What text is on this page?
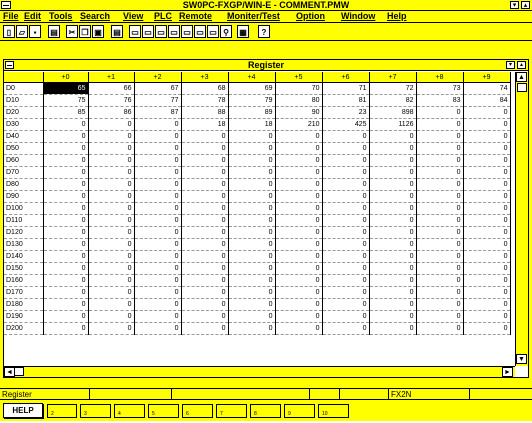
SW0PC-FXGP/WIN-E - COMMENT.PMW	▾	▴
File Edit Tools Search View PLC Remote Moniter/Test Option Window Help
▯ ▱	▪	▤	✂ ❐ ▣ ▤ ▭ ▭ ▭ ▭ ▭ ▭ ▭ ⚲	▦	?
Register	▾	▴
	+0	+1	+2	+3	+4	+5	+6	+7	+8	+9
D0	65	66	67	68	69	70	71	72	73	74
D10	75	76	77	78	79	80	81	82	83	84
D20	85	86	87	88	89	90	23	898	0	0
D30	0	0	0	18	18	210	425	1126	0	0
D40	0	0	0	0	0	0	0	0	0	0
D50	0	0	0	0	0	0	0	0	0	0
D60	0	0	0	0	0	0	0	0	0	0
D70	0	0	0	0	0	0	0	0	0	0
D80	0	0	0	0	0	0	0	0	0	0
D90	0	0	0	0	0	0	0	0	0	0
D100	0	0	0	0	0	0	0	0	0	0
D110	0	0	0	0	0	0	0	0	0	0
D120	0	0	0	0	0	0	0	0	0	0
D130	0	0	0	0	0	0	0	0	0	0
D140	0	0	0	0	0	0	0	0	0	0
D150	0	0	0	0	0	0	0	0	0	0
D160	0	0	0	0	0	0	0	0	0	0
D170	0	0	0	0	0	0	0	0	0	0
D180	0	0	0	0	0	0	0	0	0	0
D190	0	0	0	0	0	0	0	0	0	0
D200	0	0	0	0	0	0	0	0	0	0
▲
▼
◄	►
Register	FX2N
HELP	2	3	4	5	6	7	8	9	10
